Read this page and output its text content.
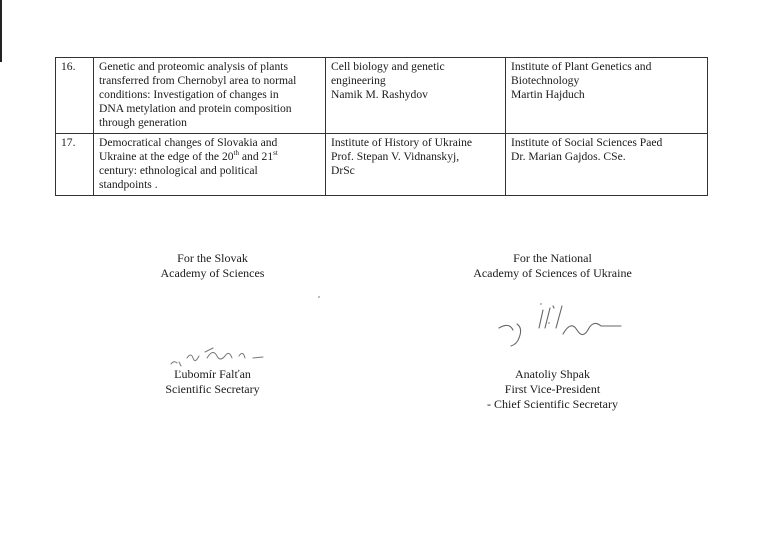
16.	Genetic and proteomic analysis of plants
transferred from Chernobyl area to normal
conditions: Investigation of changes in
DNA metylation and protein composition
through generation	Cell biology and genetic
engineering
Namik M. Rashydov	Institute of Plant Genetics and
Biotechnology
Martin Hajduch

17.	Democratical changes of Slovakia and
Ukraine at the edge of the 20th and 21st
century: ethnological and political
standpoints .	Institute of History of Ukraine
Prof. Stepan V. Vidnanskyj,
DrSc	Institute of Social Sciences Paed
Dr. Marian Gajdos. CSe.
For the Slovak
Academy of Sciences
For the National
Academy of Sciences of Ukraine
Ľubomír Falťan
Scientific Secretary
Anatoliy Shpak
First Vice-President
- Chief Scientific Secretary
